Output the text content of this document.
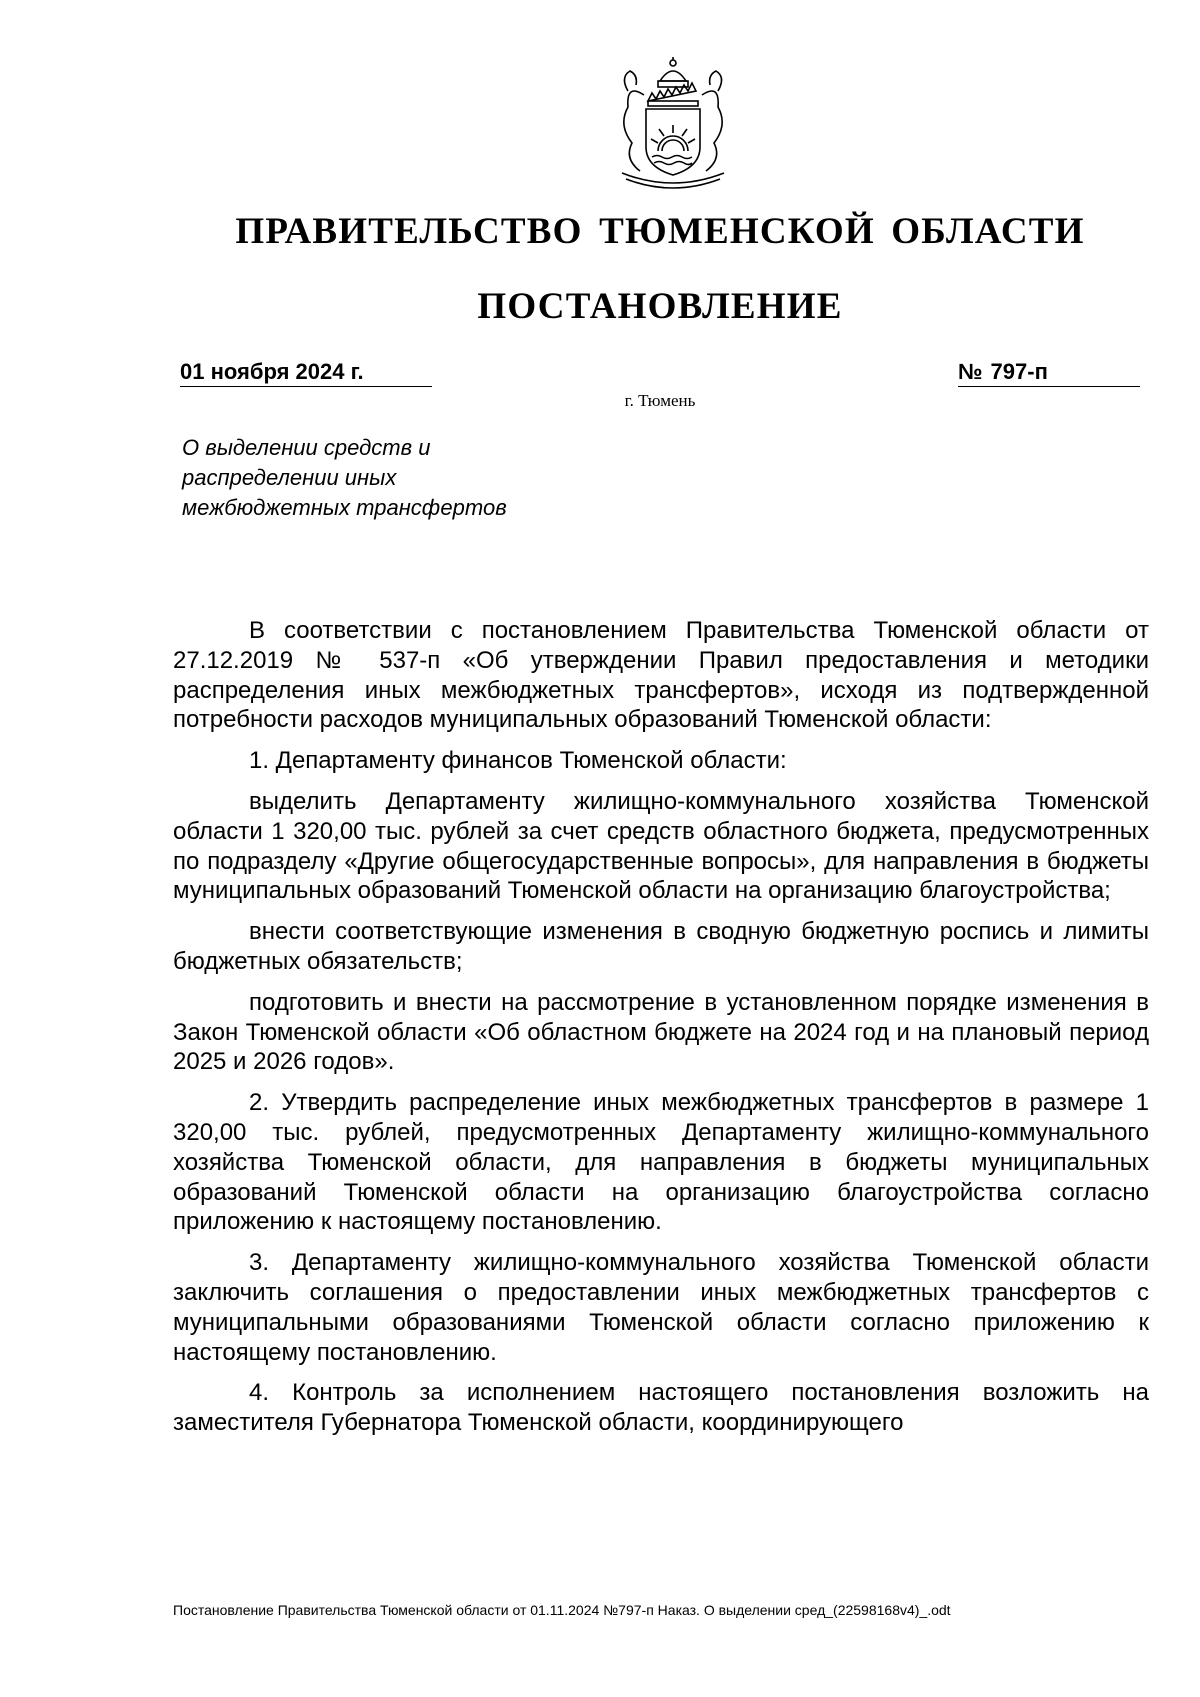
ПРАВИТЕЛЬСТВО ТЮМЕНСКОЙ ОБЛАСТИ
ПОСТАНОВЛЕНИЕ
01 ноября 2024 г.	№ 797-п
г. Тюмень
О выделении средств и
распределении иных
межбюджетных трансфертов

В соответствии с постановлением Правительства Тюменской области от 27.12.2019 № 537-п «Об утверждении Правил предоставления и методики распределения иных межбюджетных трансфертов», исходя из подтвержденной потребности расходов муниципальных образований Тюменской области:

1. Департаменту финансов Тюменской области:

выделить Департаменту жилищно-коммунального хозяйства Тюменской области 1 320,00 тыс. рублей за счет средств областного бюджета, предусмотренных по подразделу «Другие общегосударственные вопросы», для направления в бюджеты муниципальных образований Тюменской области на организацию благоустройства;

внести соответствующие изменения в сводную бюджетную роспись и лимиты бюджетных обязательств;

подготовить и внести на рассмотрение в установленном порядке изменения в Закон Тюменской области «Об областном бюджете на 2024 год и на плановый период 2025 и 2026 годов».

2. Утвердить распределение иных межбюджетных трансфертов в размере 1 320,00 тыс. рублей, предусмотренных Департаменту жилищно-коммунального хозяйства Тюменской области, для направления в бюджеты муниципальных образований Тюменской области на организацию благоустройства согласно приложению к настоящему постановлению.

3. Департаменту жилищно-коммунального хозяйства Тюменской области заключить соглашения о предоставлении иных межбюджетных трансфертов с муниципальными образованиями Тюменской области согласно приложению к настоящему постановлению.

4. Контроль за исполнением настоящего постановления возложить на заместителя Губернатора Тюменской области, координирующего

Постановление Правительства Тюменской области от 01.11.2024 №797-п Наказ. О выделении сред_(22598168v4)_.odt
